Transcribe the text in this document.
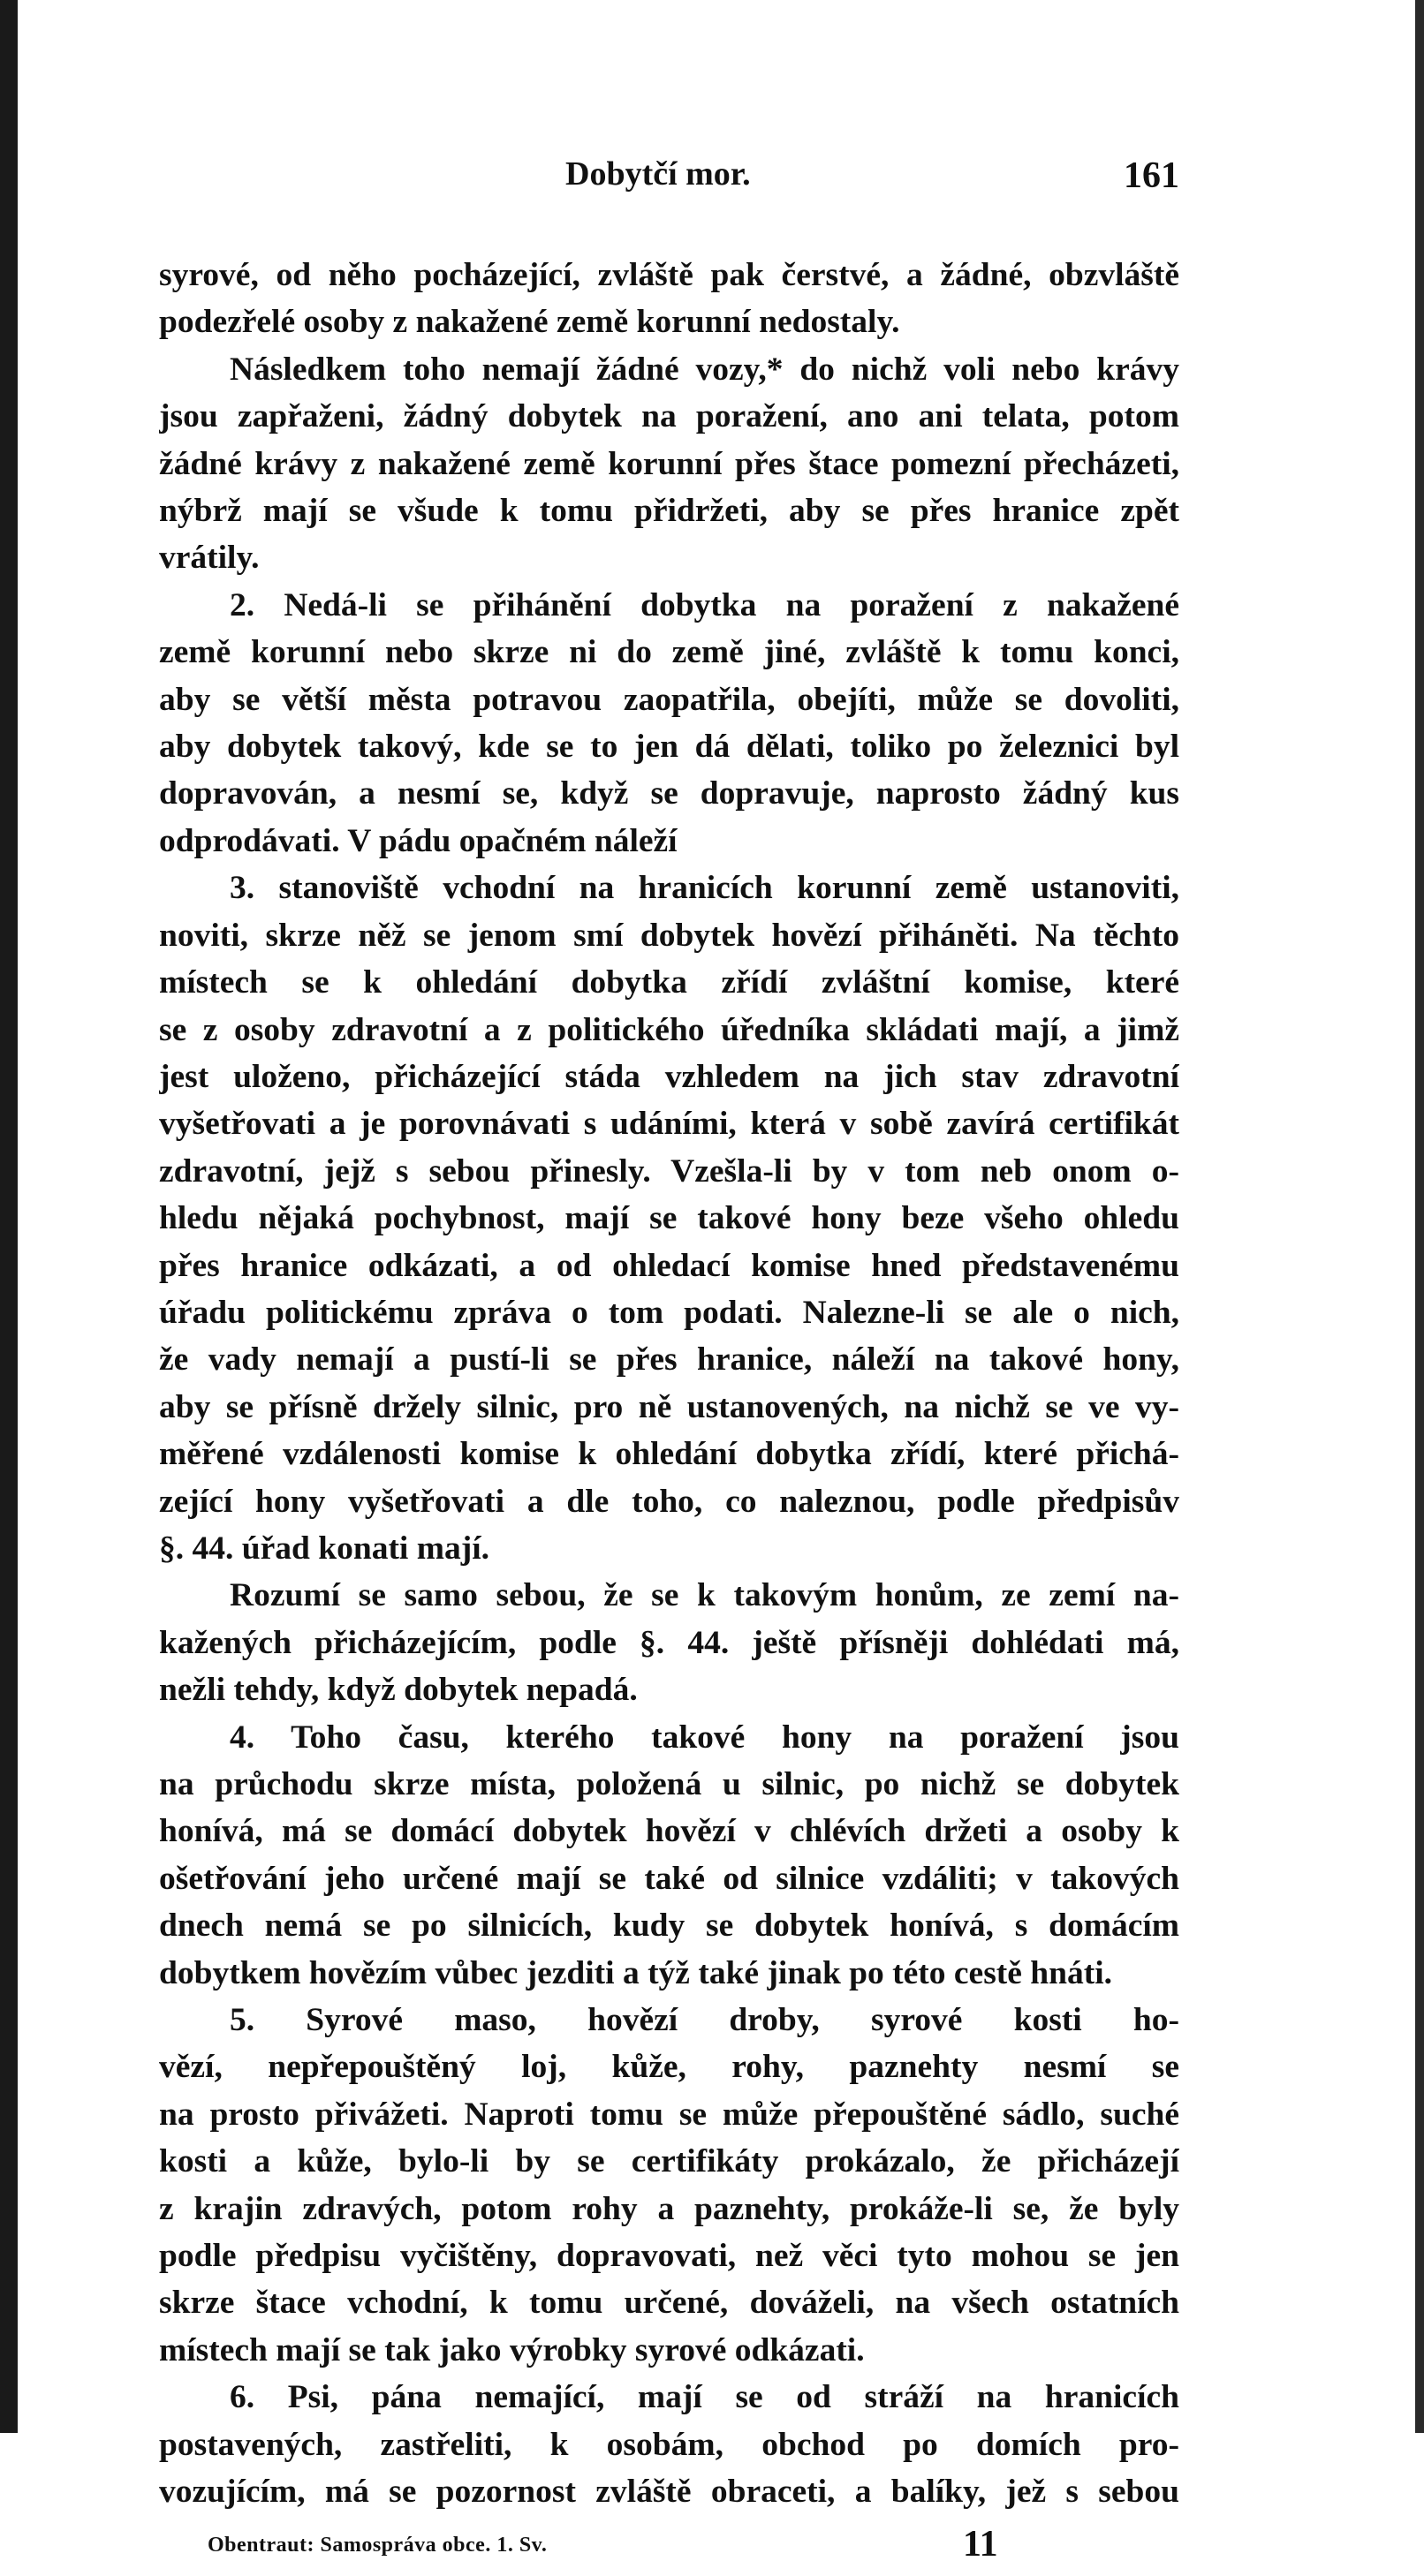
Dobytčí mor.	161
syrové, od něho pocházející, zvláště pak čerstvé, a žádné, obzvláště
podezřelé osoby z nakažené země korunní nedostaly.
Následkem toho nemají žádné vozy,* do nichž voli nebo krávy
jsou zapřaženi, žádný dobytek na poražení, ano ani telata, potom
žádné krávy z nakažené země korunní přes štace pomezní přecházeti,
nýbrž mají se všude k tomu přidržeti, aby se přes hranice zpět
vrátily.
2. Nedá-li se přihánění dobytka na poražení z nakažené
země korunní nebo skrze ni do země jiné, zvláště k tomu konci,
aby se větší města potravou zaopatřila, obejíti, může se dovoliti,
aby dobytek takový, kde se to jen dá dělati, toliko po železnici byl
dopravován, a nesmí se, když se dopravuje, naprosto žádný kus
odprodávati. V pádu opačném náleží
3. stanoviště vchodní na hranicích korunní země ustanoviti,
noviti, skrze něž se jenom smí dobytek hovězí přiháněti. Na těchto
místech se k ohledání dobytka zřídí zvláštní komise, které
se z osoby zdravotní a z politického úředníka skládati mají, a jimž
jest uloženo, přicházející stáda vzhledem na jich stav zdravotní
vyšetřovati a je porovnávati s udáními, která v sobě zavírá certifikát
zdravotní, jejž s sebou přinesly. Vzešla-li by v tom neb onom o-
hledu nějaká pochybnost, mají se takové hony beze všeho ohledu
přes hranice odkázati, a od ohledací komise hned představenému
úřadu politickému zpráva o tom podati. Nalezne-li se ale o nich,
že vady nemají a pustí-li se přes hranice, náleží na takové hony,
aby se přísně držely silnic, pro ně ustanovených, na nichž se ve vy-
měřené vzdálenosti komise k ohledání dobytka zřídí, které přichá-
zející hony vyšetřovati a dle toho, co naleznou, podle předpisův
§. 44. úřad konati mají.
Rozumí se samo sebou, že se k takovým honům, ze zemí na-
kažených přicházejícím, podle §. 44. ještě přísněji dohlédati má,
nežli tehdy, když dobytek nepadá.
4. Toho času, kterého takové hony na poražení jsou
na průchodu skrze místa, položená u silnic, po nichž se dobytek
honívá, má se domácí dobytek hovězí v chlévích držeti a osoby k
ošetřování jeho určené mají se také od silnice vzdáliti; v takových
dnech nemá se po silnicích, kudy se dobytek honívá, s domácím
dobytkem hovězím vůbec jezditi a týž také jinak po této cestě hnáti.
5. Syrové maso, hovězí droby, syrové kosti ho-
vězí, nepřepouštěný loj, kůže, rohy, paznehty nesmí se
na prosto přivážeti. Naproti tomu se může přepouštěné sádlo, suché
kosti a kůže, bylo-li by se certifikáty prokázalo, že přicházejí
z krajin zdravých, potom rohy a paznehty, prokáže-li se, že byly
podle předpisu vyčištěny, dopravovati, než věci tyto mohou se jen
skrze štace vchodní, k tomu určené, dováželi, na všech ostatních
místech mají se tak jako výrobky syrové odkázati.
6. Psi, pána nemající, mají se od stráží na hranicích
postavených, zastřeliti, k osobám, obchod po domích pro-
vozujícím, má se pozornost zvláště obraceti, a balíky, jež s sebou
Obentraut: Samospráva obce. 1. Sv.	11
